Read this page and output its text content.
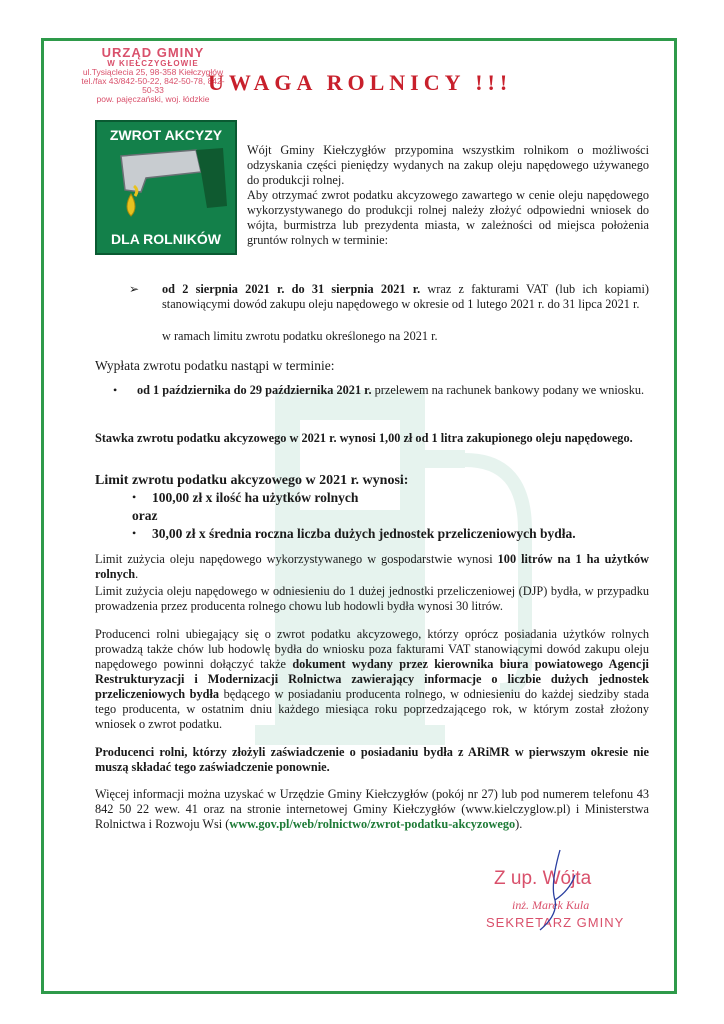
URZĄD GMINY
W KIEŁCZYGŁOWIE
ul.Tysiąclecia 25, 98-358 Kiełczygłów
tel./fax 43/842-50-22, 842-50-78, 842-50-33
pow. pajęczański, woj. łódzkie
UWAGA ROLNICY !!!
ZWROT AKCYZY
DLA ROLNIKÓW
Wójt Gminy Kiełczygłów przypomina wszystkim rolnikom o możliwości odzyskania części pieniędzy wydanych na zakup oleju napędowego używanego do produkcji rolnej.
Aby otrzymać zwrot podatku akcyzowego zawartego w cenie oleju napędowego wykorzystywanego do produkcji rolnej należy złożyć odpowiedni wniosek do wójta, burmistrza lub prezydenta miasta, w zależności od miejsca położenia gruntów rolnych w terminie:
➢ od 2 sierpnia 2021 r. do 31 sierpnia 2021 r. wraz z fakturami VAT (lub ich kopiami) stanowiącymi dowód zakupu oleju napędowego w okresie od 1 lutego 2021 r. do 31 lipca 2021 r.
w ramach limitu zwrotu podatku określonego na 2021 r.
Wypłata zwrotu podatku nastąpi w terminie:
• od 1 października do 29 października 2021 r. przelewem na rachunek bankowy podany we wniosku.
Stawka zwrotu podatku akcyzowego w 2021 r. wynosi 1,00 zł od 1 litra zakupionego oleju napędowego.
Limit zwrotu podatku akcyzowego w 2021 r. wynosi:
• 100,00 zł x ilość ha użytków rolnych
oraz
• 30,00 zł x średnia roczna liczba dużych jednostek przeliczeniowych bydła.
Limit zużycia oleju napędowego wykorzystywanego w gospodarstwie wynosi 100 litrów na 1 ha użytków rolnych.
Limit zużycia oleju napędowego w odniesieniu do 1 dużej jednostki przeliczeniowej (DJP) bydła, w przypadku prowadzenia przez producenta rolnego chowu lub hodowli bydła wynosi 30 litrów.
Producenci rolni ubiegający się o zwrot podatku akcyzowego, którzy oprócz posiadania użytków rolnych prowadzą także chów lub hodowlę bydła do wniosku poza fakturami VAT stanowiącymi dowód zakupu oleju napędowego powinni dołączyć także dokument wydany przez kierownika biura powiatowego Agencji Restrukturyzacji i Modernizacji Rolnictwa zawierający informacje o liczbie dużych jednostek przeliczeniowych bydła będącego w posiadaniu producenta rolnego, w odniesieniu do każdej siedziby stada tego producenta, w ostatnim dniu każdego miesiąca roku poprzedzającego rok, w którym został złożony wniosek o zwrot podatku.
Producenci rolni, którzy złożyli zaświadczenie o posiadaniu bydła z ARiMR w pierwszym okresie nie muszą składać tego zaświadczenie ponownie.
Więcej informacji można uzyskać w Urzędzie Gminy Kiełczygłów (pokój nr 27) lub pod numerem telefonu 43 842 50 22 wew. 41 oraz na stronie internetowej Gminy Kiełczygłów (www.kielczyglow.pl) i Ministerstwa Rolnictwa i Rozwoju Wsi (www.gov.pl/web/rolnictwo/zwrot-podatku-akcyzowego).
Z up. Wójta
inż. Marek Kula
SEKRETARZ GMINY
